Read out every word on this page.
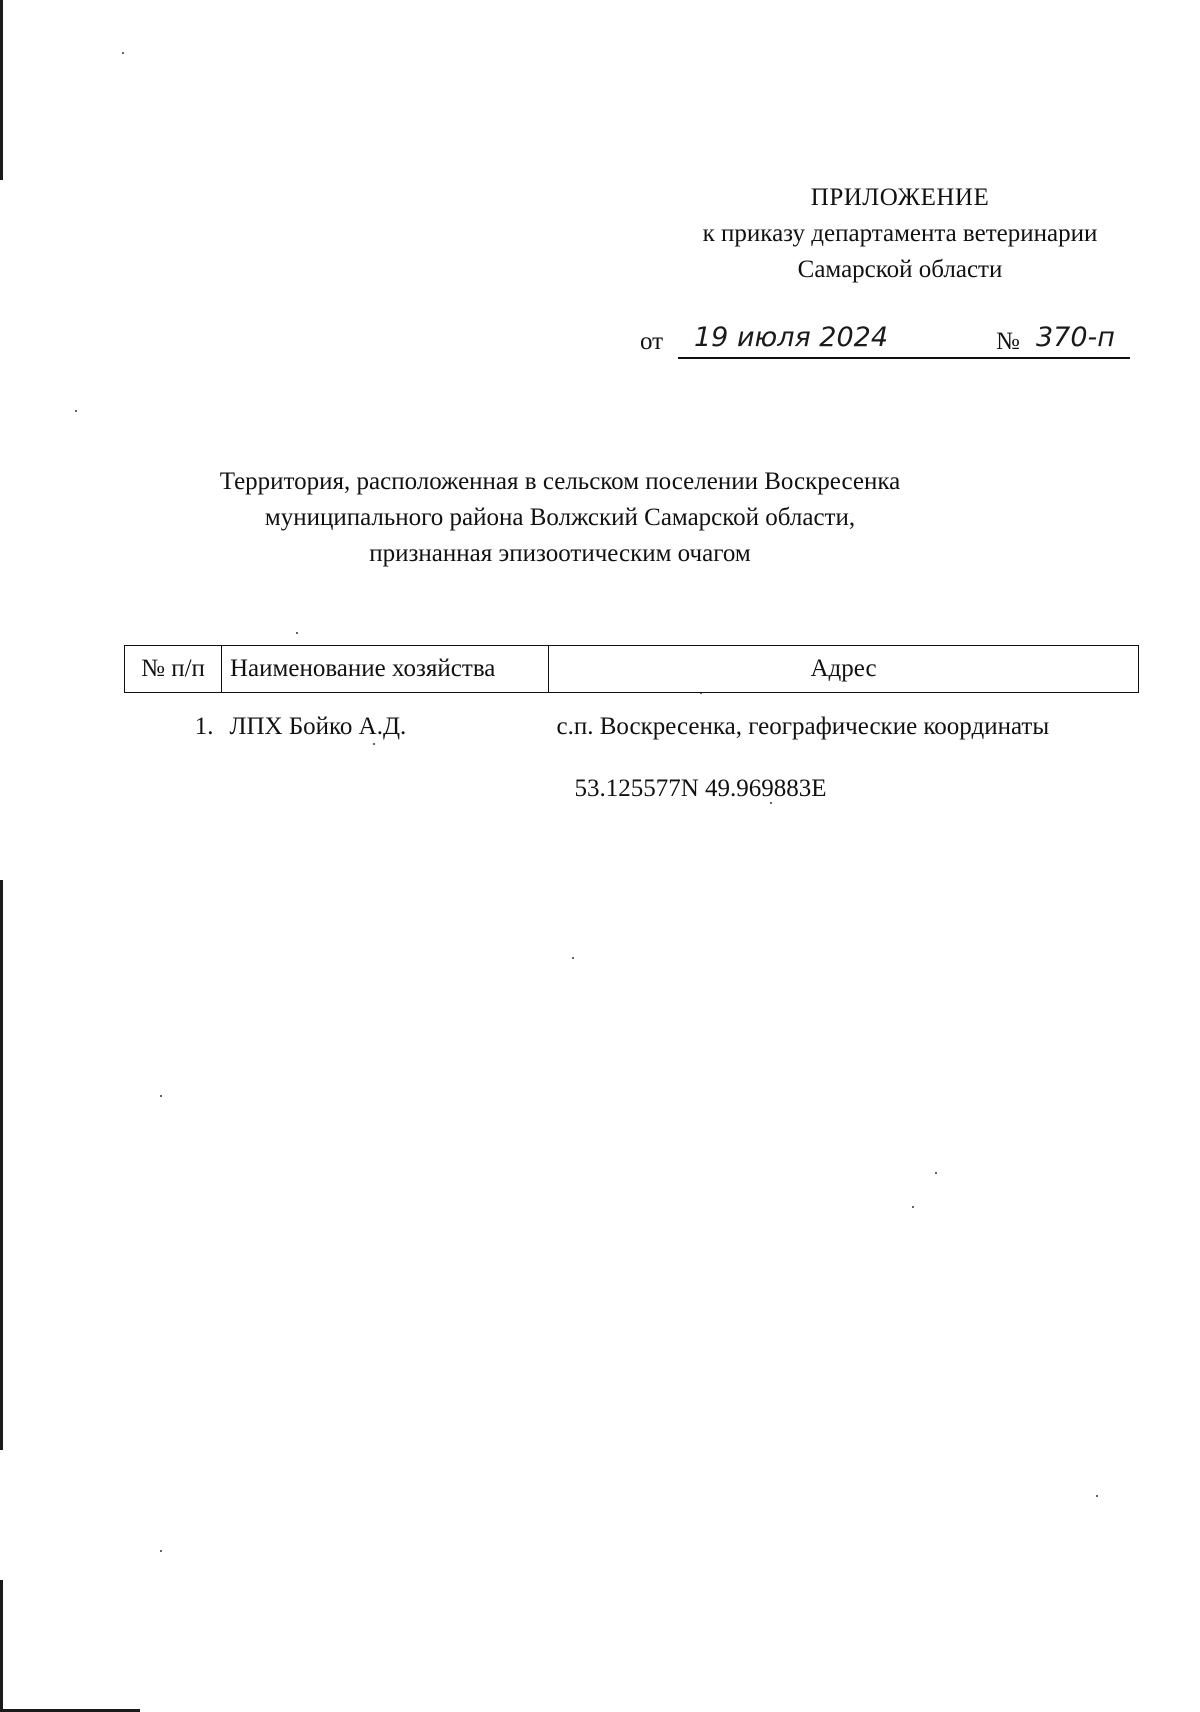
ПРИЛОЖЕНИЕ
к приказу департамента ветеринарии
Самарской области
от 19 июля 2024	№ 370-п
Территория, расположенная в сельском поселении Воскресенка
муниципального района Волжский Самарской области,
признанная эпизоотическим очагом
№ п/п	Наименование хозяйства	Адрес
1.	ЛПХ Бойко А.Д.	с.п. Воскресенка, географические координаты
53.125577N 49.969883E
